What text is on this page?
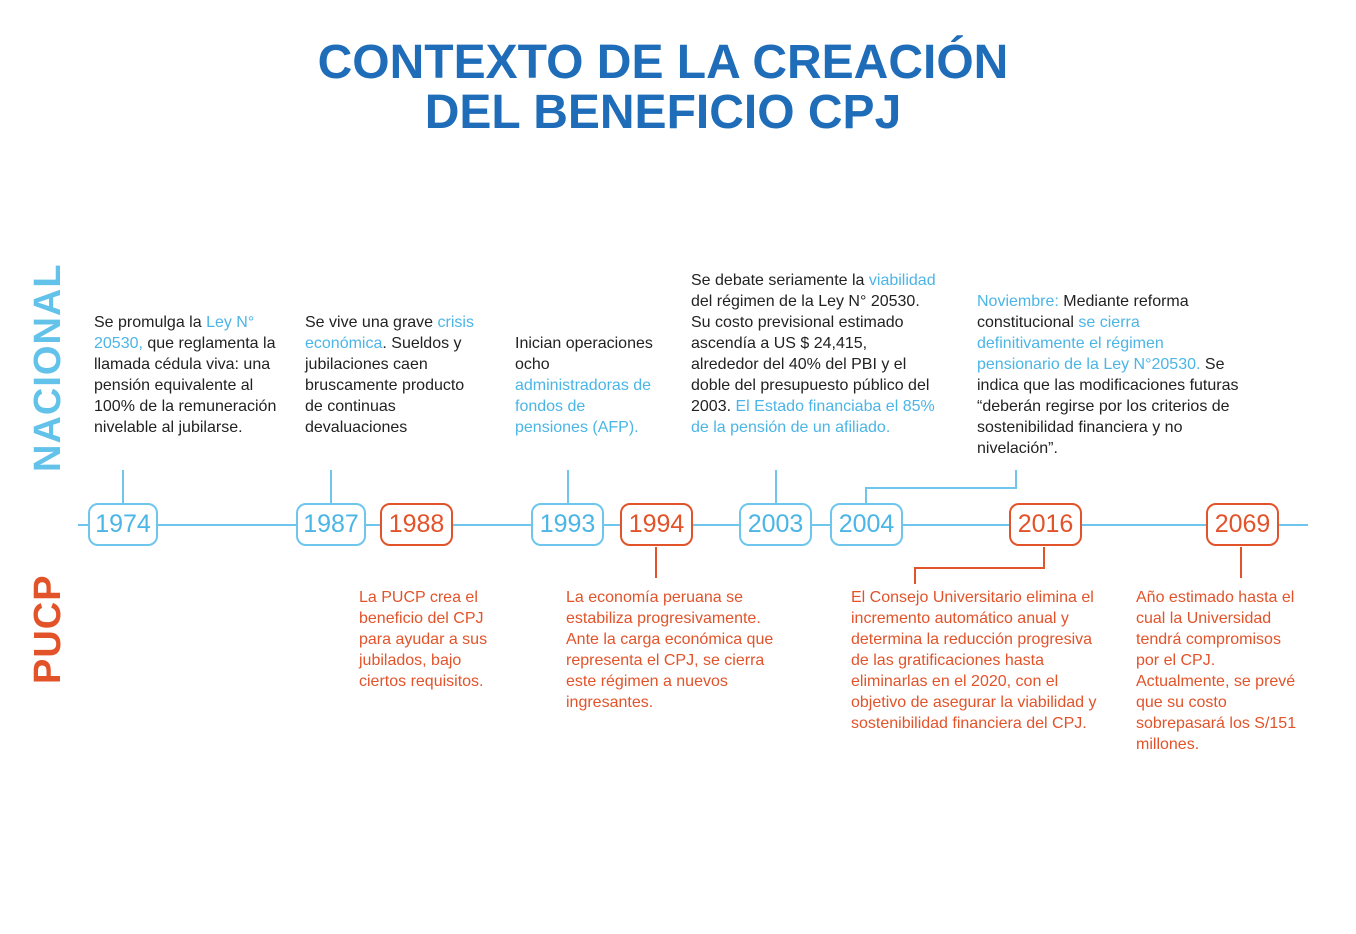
CONTEXTO DE LA CREACIÓN
DEL BENEFICIO CPJ
NACIONAL
PUCP
1974	1987	1988	1993	1994	2003	2004	2016	2069
Se promulga la Ley N° 20530, que reglamenta la llamada cédula viva: una pensión equivalente al 100% de la remuneración nivelable al jubilarse.
Se vive una grave crisis económica. Sueldos y jubilaciones caen bruscamente producto de continuas devaluaciones
Inician operaciones ocho administradoras de fondos de pensiones (AFP).
Se debate seriamente la viabilidad del régimen de la Ley N° 20530. Su costo previsional estimado ascendía a US $ 24,415, alrededor del 40% del PBI y el doble del presupuesto público del 2003. El Estado financiaba el 85% de la pensión de un afiliado.
Noviembre: Mediante reforma constitucional se cierra definitivamente el régimen pensionario de la Ley N°20530. Se indica que las modificaciones futuras “deberán regirse por los criterios de sostenibilidad financiera y no nivelación”.
La PUCP crea el beneficio del CPJ para ayudar a sus jubilados, bajo ciertos requisitos.
La economía peruana se estabiliza progresivamente. Ante la carga económica que representa el CPJ, se cierra este régimen a nuevos ingresantes.
El Consejo Universitario elimina el incremento automático anual y determina la reducción progresiva de las gratificaciones hasta eliminarlas en el 2020, con el objetivo de asegurar la viabilidad y sostenibilidad financiera del CPJ.
Año estimado hasta el cual la Universidad tendrá compromisos por el CPJ. Actualmente, se prevé que su costo sobrepasará los S/151 millones.
